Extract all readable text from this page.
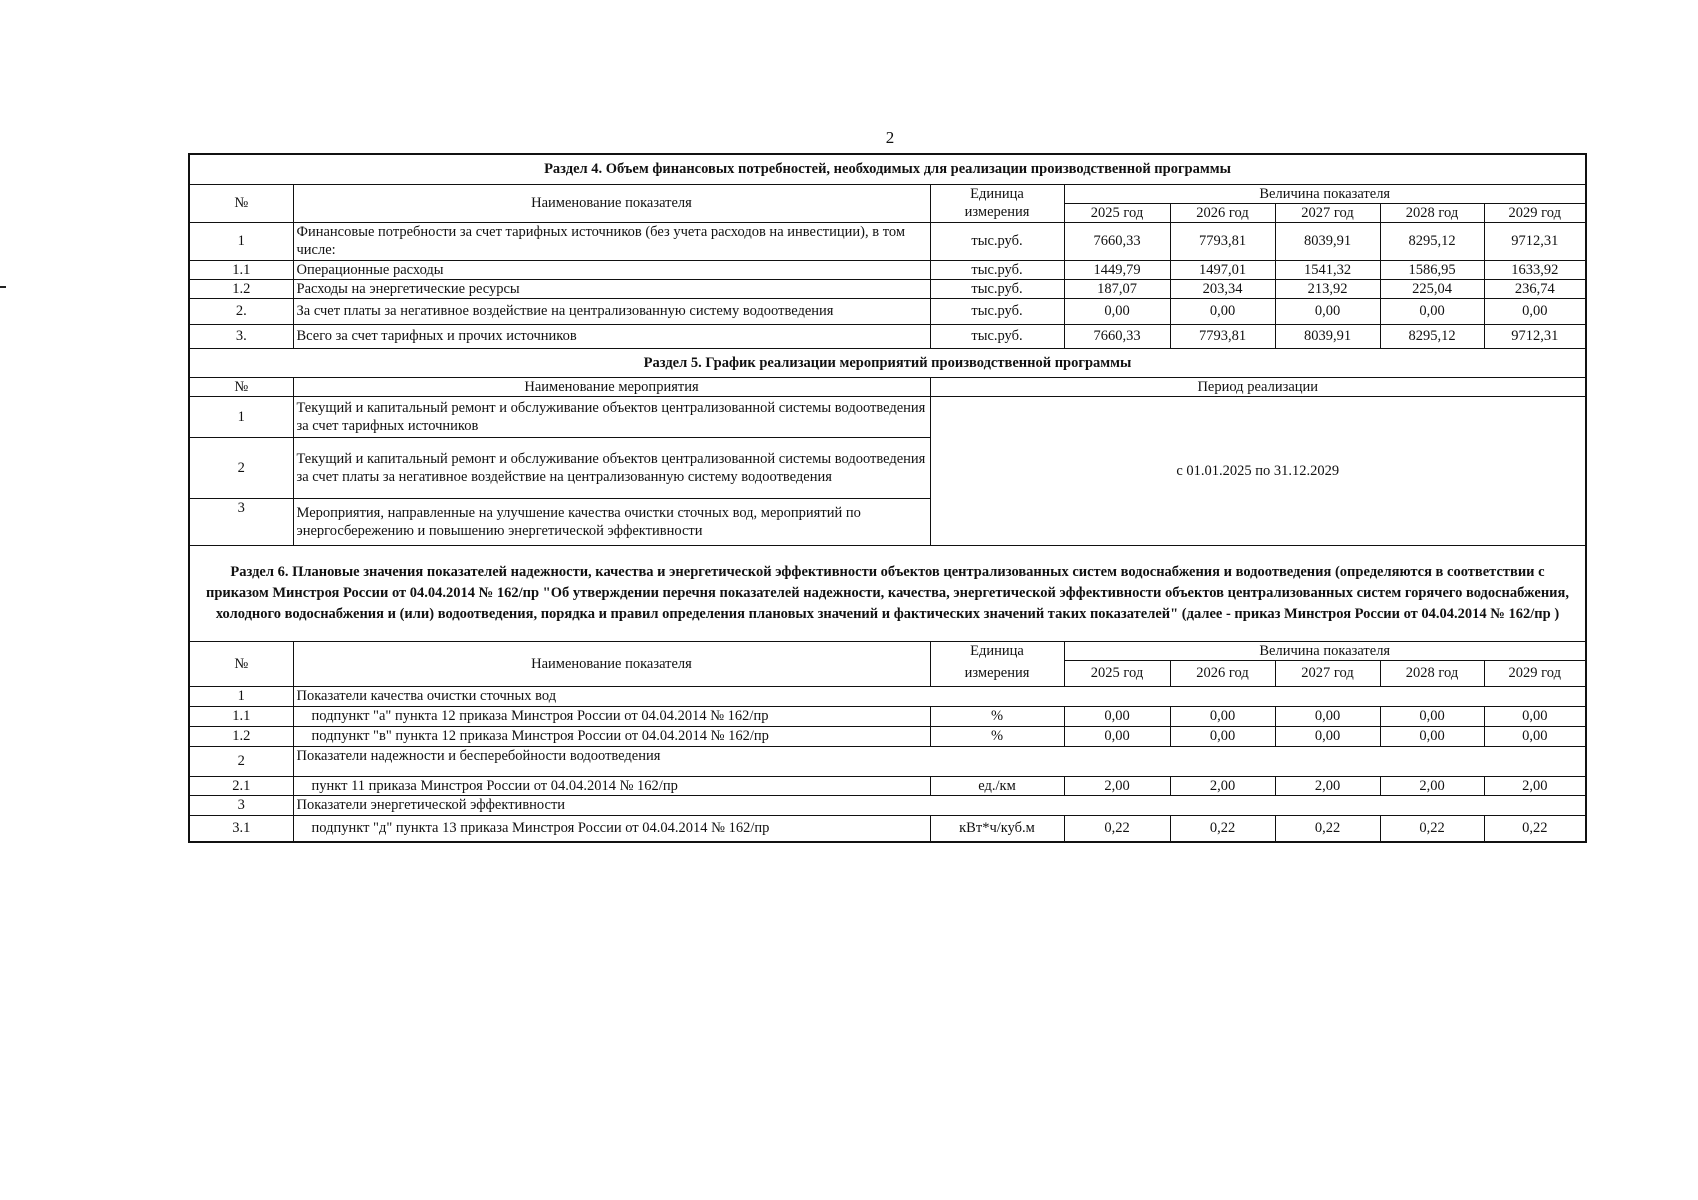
2
Раздел 4. Объем финансовых потребностей, необходимых для реализации производственной программы							
№	Наименование показателя	Единица	Величина показателя				
		измерения	2025 год	2026 год	2027 год	2028 год	2029 год
1	Финансовые потребности за счет тарифных источников (без учета расходов на инвестиции), в том числе:	тыс.руб.	7660,33	7793,81	8039,91	8295,12	9712,31
1.1	Операционные расходы	тыс.руб.	1449,79	1497,01	1541,32	1586,95	1633,92
1.2	Расходы на энергетические ресурсы	тыс.руб.	187,07	203,34	213,92	225,04	236,74
2.	За счет платы за негативное воздействие на централизованную систему водоотведения	тыс.руб.	0,00	0,00	0,00	0,00	0,00
3.	Всего за счет тарифных и прочих источников	тыс.руб.	7660,33	7793,81	8039,91	8295,12	9712,31
Раздел 5. График реализации мероприятий производственной программы							
№	Наименование мероприятия	Период реализации					
1	Текущий и капитальный ремонт и обслуживание объектов централизованной системы водоотведения за счет тарифных источников	с 01.01.2025 по 31.12.2029					
2	Текущий и капитальный ремонт и обслуживание объектов централизованной системы водоотведения за счет платы за негативное воздействие на централизованную систему водоотведения						
3	Мероприятия, направленные на улучшение качества очистки сточных вод, мероприятий по энергосбережению и повышению энергетической эффективности						
Раздел 6. Плановые значения показателей надежности, качества и энергетической эффективности объектов централизованных систем водоснабжения и водоотведения (определяются в соответствии с приказом Минстроя России от 04.04.2014 № 162/пр "Об утверждении перечня показателей надежности, качества, энергетической эффективности объектов централизованных систем горячего водоснабжения, холодного водоснабжения и (или) водоотведения, порядка и правил определения плановых значений и фактических значений таких показателей" (далее - приказ Минстроя России от 04.04.2014 № 162/пр )							
№	Наименование показателя	Единица	Величина показателя				
		измерения	2025 год	2026 год	2027 год	2028 год	2029 год
1	Показатели качества очистки сточных вод						
1.1	подпункт "а" пункта 12 приказа Минстроя России от 04.04.2014 № 162/пр	%	0,00	0,00	0,00	0,00	0,00
1.2	подпункт "в" пункта 12 приказа Минстроя России от 04.04.2014 № 162/пр	%	0,00	0,00	0,00	0,00	0,00
2	Показатели надежности и бесперебойности водоотведения						
2.1	пункт 11 приказа Минстроя России от 04.04.2014 № 162/пр	ед./км	2,00	2,00	2,00	2,00	2,00
3	Показатели энергетической эффективности						
3.1	подпункт "д" пункта 13 приказа Минстроя России от 04.04.2014 № 162/пр	кВт*ч/куб.м	0,22	0,22	0,22	0,22	0,22
